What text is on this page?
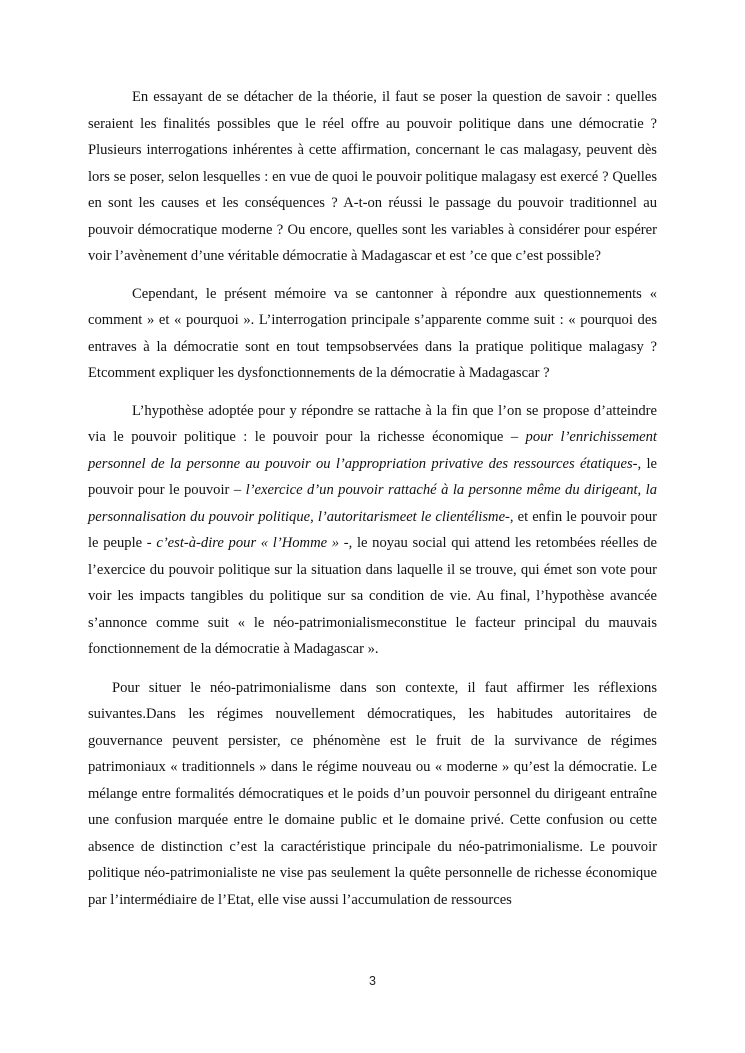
En essayant de se détacher de la théorie, il faut se poser la question de savoir : quelles seraient les finalités possibles que le réel offre au pouvoir politique dans une démocratie ? Plusieurs interrogations inhérentes à cette affirmation, concernant le cas malagasy, peuvent dès lors se poser, selon lesquelles : en vue de quoi le pouvoir politique malagasy est exercé ? Quelles en sont les causes et les conséquences ? A-t-on réussi le passage du pouvoir traditionnel au pouvoir démocratique moderne ? Ou encore, quelles sont les variables à considérer pour espérer voir l’avènement d’une véritable démocratie à Madagascar et est ’ce que c’est possible?

Cependant, le présent mémoire va se cantonner à répondre aux questionnements « comment » et « pourquoi ». L’interrogation principale s’apparente comme suit : « pourquoi des entraves à la démocratie sont en tout tempsobservées dans la pratique politique malagasy ? Etcomment expliquer les dysfonctionnements de la démocratie à Madagascar ?

L’hypothèse adoptée pour y répondre se rattache à la fin que l’on se propose d’atteindre via le pouvoir politique : le pouvoir pour la richesse économique – pour l’enrichissement personnel de la personne au pouvoir ou l’appropriation privative des ressources étatiques-, le pouvoir pour le pouvoir – l’exercice d’un pouvoir rattaché à la personne même du dirigeant, la personnalisation du pouvoir politique, l’autoritarismeet le clientélisme-, et enfin le pouvoir pour le peuple - c’est-à-dire pour « l’Homme » -, le noyau social qui attend les retombées réelles de l’exercice du pouvoir politique sur la situation dans laquelle il se trouve, qui émet son vote pour voir les impacts tangibles du politique sur sa condition de vie. Au final, l’hypothèse avancée s’annonce comme suit « le néo-patrimonialismeconstitue le facteur principal du mauvais fonctionnement de la démocratie à Madagascar ».

Pour situer le néo-patrimonialisme dans son contexte, il faut affirmer les réflexions suivantes.Dans les régimes nouvellement démocratiques, les habitudes autoritaires de gouvernance peuvent persister, ce phénomène est le fruit de la survivance de régimes patrimoniaux « traditionnels » dans le régime nouveau ou « moderne » qu’est la démocratie. Le mélange entre formalités démocratiques et le poids d’un pouvoir personnel du dirigeant entraîne une confusion marquée entre le domaine public et le domaine privé. Cette confusion ou cette absence de distinction c’est la caractéristique principale du néo-patrimonialisme. Le pouvoir politique néo-patrimonialiste ne vise pas seulement la quête personnelle de richesse économique par l’intermédiaire de l’Etat, elle vise aussi l’accumulation de ressources

3
